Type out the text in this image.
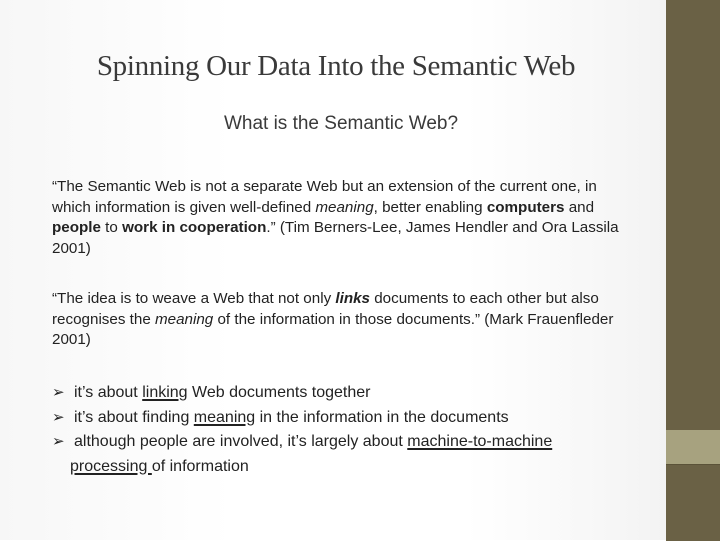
Spinning Our Data Into the Semantic Web
What is the Semantic Web?
“The Semantic Web is not a separate Web but an extension of the current one, in which information is given well-defined meaning, better enabling computers and people to work in cooperation.” (Tim Berners-Lee, James Hendler and Ora Lassila 2001)
“The idea is to weave a Web that not only links documents to each other but also recognises the meaning of the information in those documents.” (Mark Frauenfleder 2001)
➢ it’s about linking Web documents together
➢ it’s about finding meaning in the information in the documents
➢ although people are involved, it’s largely about machine-to-machine
processing of information
